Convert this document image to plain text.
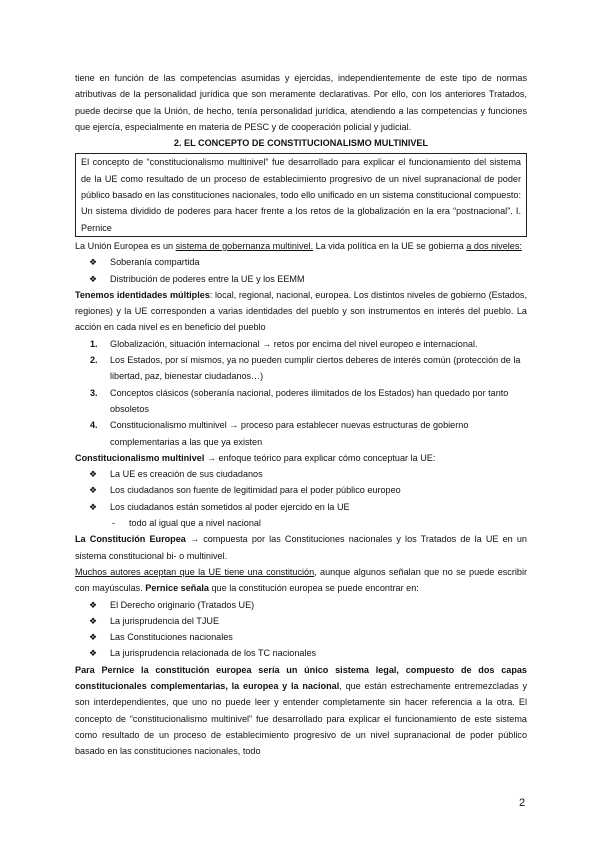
tiene en función de las competencias asumidas y ejercidas, independientemente de este tipo de normas atributivas de la personalidad jurídica que son meramente declarativas. Por ello, con los anteriores Tratados, puede decirse que la Unión, de hecho, tenía personalidad jurídica, atendiendo a las competencias y funciones que ejercía, especialmente en materia de PESC y de cooperación policial y judicial.

2. EL CONCEPTO DE CONSTITUCIONALISMO MULTINIVEL

El concepto de “constitucionalismo multinivel” fue desarrollado para explicar el funcionamiento del sistema de la UE como resultado de un proceso de establecimiento progresivo de un nivel supranacional de poder público basado en las constituciones nacionales, todo ello unificado en un sistema constitucional compuesto: Un sistema dividido de poderes para hacer frente a los retos de la globalización en la era “postnacional”. I. Pernice

La Unión Europea es un sistema de gobernanza multinivel. La vida política en la UE se gobierna a dos niveles:

❖ Soberanía compartida
❖ Distribución de poderes entre la UE y los EEMM

Tenemos identidades múltiples: local, regional, nacional, europea. Los distintos niveles de gobierno (Estados, regiones) y la UE corresponden a varias identidades del pueblo y son instrumentos en interés del pueblo. La acción en cada nivel es en beneficio del pueblo

1. Globalización, situación internacional → retos por encima del nivel europeo e internacional.
2. Los Estados, por sí mismos, ya no pueden cumplir ciertos deberes de interés común (protección de la libertad, paz, bienestar ciudadanos…)
3. Conceptos clásicos (soberanía nacional, poderes ilimitados de los Estados) han quedado por tanto obsoletos
4. Constitucionalismo multinivel → proceso para establecer nuevas estructuras de gobierno complementarias a las que ya existen

Constitucionalismo multinivel → enfoque teórico para explicar cómo conceptuar la UE:

❖ La UE es creación de sus ciudadanos
❖ Los ciudadanos son fuente de legitimidad para el poder público europeo
❖ Los ciudadanos están sometidos al poder ejercido en la UE
- todo al igual que a nivel nacional

La Constitución Europea → compuesta por las Constituciones nacionales y los Tratados de la UE en un sistema constitucional bi- o multinivel.

Muchos autores aceptan que la UE tiene una constitución, aunque algunos señalan que no se puede escribir con mayúsculas. Pernice señala que la constitución europea se puede encontrar en:

❖ El Derecho originario (Tratados UE)
❖ La jurisprudencia del TJUE
❖ Las Constituciones nacionales
❖ La jurisprudencia relacionada de los TC nacionales

Para Pernice la constitución europea sería un único sistema legal, compuesto de dos capas constitucionales complementarias, la europea y la nacional, que están estrechamente entremezcladas y son interdependientes, que uno no puede leer y entender completamente sin hacer referencia a la otra. El concepto de “constitucionalismo multinivel” fue desarrollado para explicar el funcionamiento de este sistema como resultado de un proceso de establecimiento progresivo de un nivel supranacional de poder público basado en las constituciones nacionales, todo

2
